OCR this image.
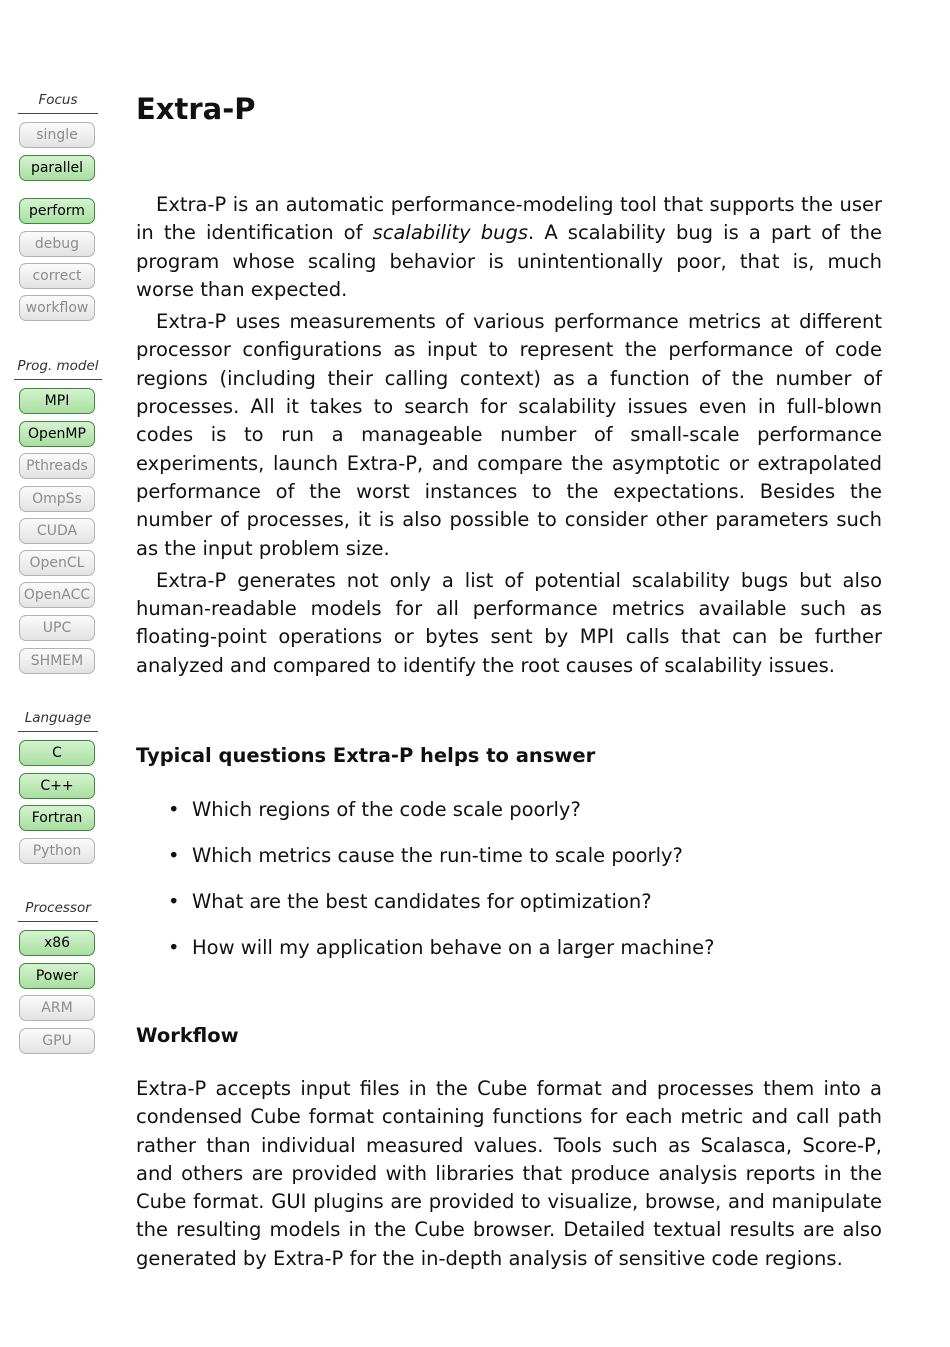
Focus
single
parallel
perform
debug
correct
workflow
Prog. model
MPI
OpenMP
Pthreads
OmpSs
CUDA
OpenCL
OpenACC
UPC
SHMEM
Language
C
C++
Fortran
Python
Processor
x86
Power
ARM
GPU
Extra-P

Extra-P is an automatic performance-modeling tool that supports the user in the identification of scalability bugs. A scalability bug is a part of the program whose scaling behavior is unintentionally poor, that is, much worse than expected.

Extra-P uses measurements of various performance metrics at different processor configurations as input to represent the performance of code regions (including their calling context) as a function of the number of processes. All it takes to search for scalability issues even in full-blown codes is to run a manageable number of small-scale performance experiments, launch Extra-P, and compare the asymptotic or extrapolated performance of the worst instances to the expectations. Besides the number of processes, it is also possible to consider other parameters such as the input problem size.

Extra-P generates not only a list of potential scalability bugs but also human-readable models for all performance metrics available such as floating-point operations or bytes sent by MPI calls that can be further analyzed and compared to identify the root causes of scalability issues.

Typical questions Extra-P helps to answer
• Which regions of the code scale poorly?
• Which metrics cause the run-time to scale poorly?
• What are the best candidates for optimization?
• How will my application behave on a larger machine?
Workflow
Extra-P accepts input files in the Cube format and processes them into a condensed Cube format containing functions for each metric and call path rather than individual measured values. Tools such as Scalasca, Score-P, and others are provided with libraries that produce analysis reports in the Cube format. GUI plugins are provided to visualize, browse, and manipulate the resulting models in the Cube browser. Detailed textual results are also generated by Extra-P for the in-depth analysis of sensitive code regions.
